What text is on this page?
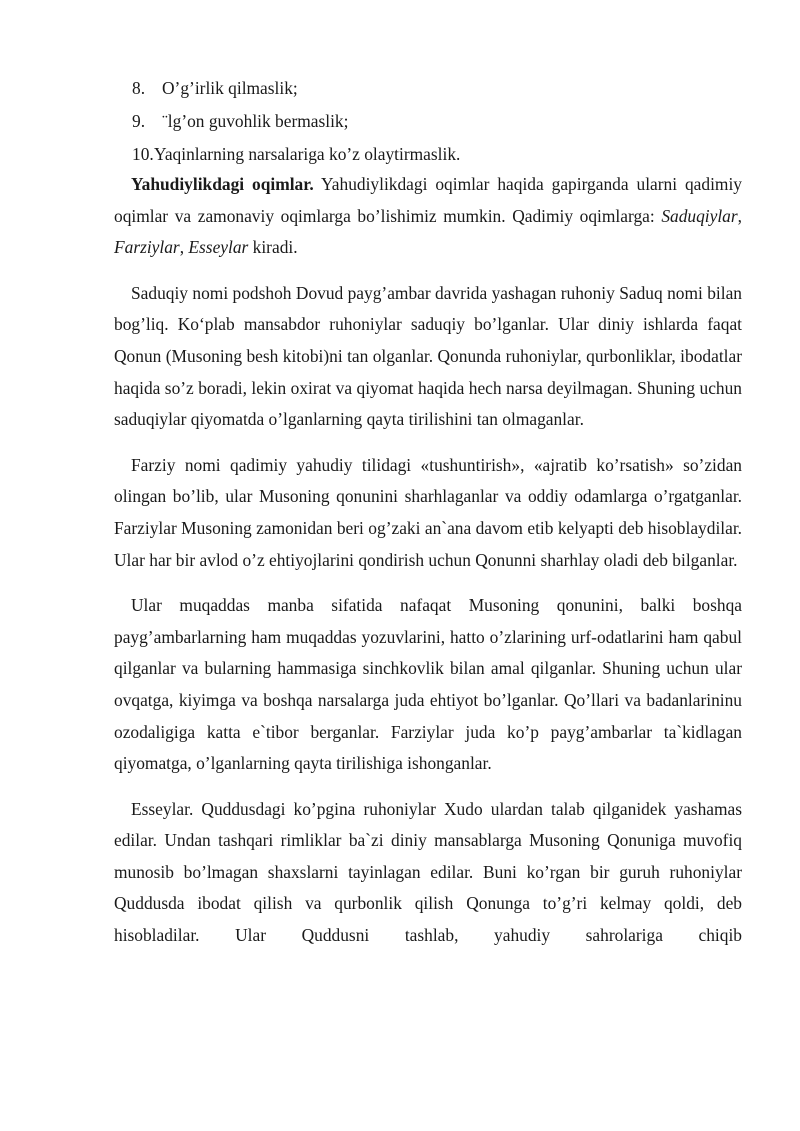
8. O’g’irlik qilmaslik;
9. ¨lg’on guvohlik bermaslik;
10.Yaqinlarning narsalariga ko’z olaytirmaslik.

Yahudiylikdagi oqimlar. Yahudiylikdagi oqimlar haqida gapirganda ularni qadimiy oqimlar va zamonaviy oqimlarga bo’lishimiz mumkin. Qadimiy oqimlarga: Saduqiylar, Farziylar, Esseylar kiradi.

Saduqiy nomi podshoh Dovud payg’ambar davrida yashagan ruhoniy Saduq nomi bilan bog’liq. Ko‘plab mansabdor ruhoniylar saduqiy bo’lganlar. Ular diniy ishlarda faqat Qonun (Musoning besh kitobi)ni tan olganlar. Qonunda ruhoniylar, qurbonliklar, ibodatlar haqida so’z boradi, lekin oxirat va qiyomat haqida hech narsa deyilmagan. Shuning uchun saduqiylar qiyomatda o’lganlarning qayta tirilishini tan olmaganlar.

Farziy nomi qadimiy yahudiy tilidagi «tushuntirish», «ajratib ko’rsatish» so’zidan olingan bo’lib, ular Musoning qonunini sharhlaganlar va oddiy odamlarga o’rgatganlar. Farziylar Musoning zamonidan beri og’zaki an`ana davom etib kelyapti deb hisoblaydilar. Ular har bir avlod o’z ehtiyojlarini qondirish uchun Qonunni sharhlay oladi deb bilganlar.

Ular muqaddas manba sifatida nafaqat Musoning qonunini, balki boshqa payg’ambarlarning ham muqaddas yozuvlarini, hatto o’zlarining urf-odatlarini ham qabul qilganlar va bularning hammasiga sinchkovlik bilan amal qilganlar. Shuning uchun ular ovqatga, kiyimga va boshqa narsalarga juda ehtiyot bo’lganlar. Qo’llari va badanlarininu ozodaligiga katta e`tibor berganlar. Farziylar juda ko’p payg’ambarlar ta`kidlagan qiyomatga, o’lganlarning qayta tirilishiga ishonganlar.

Esseylar. Quddusdagi ko’pgina ruhoniylar Xudo ulardan talab qilganidek yashamas edilar. Undan tashqari rimliklar ba`zi diniy mansablarga Musoning Qonuniga muvofiq munosib bo’lmagan shaxslarni tayinlagan edilar. Buni ko’rgan bir guruh ruhoniylar Quddusda ibodat qilish va qurbonlik qilish Qonunga to’g’ri kelmay qoldi, deb hisobladilar. Ular Quddusni tashlab, yahudiy sahrolariga chiqib
